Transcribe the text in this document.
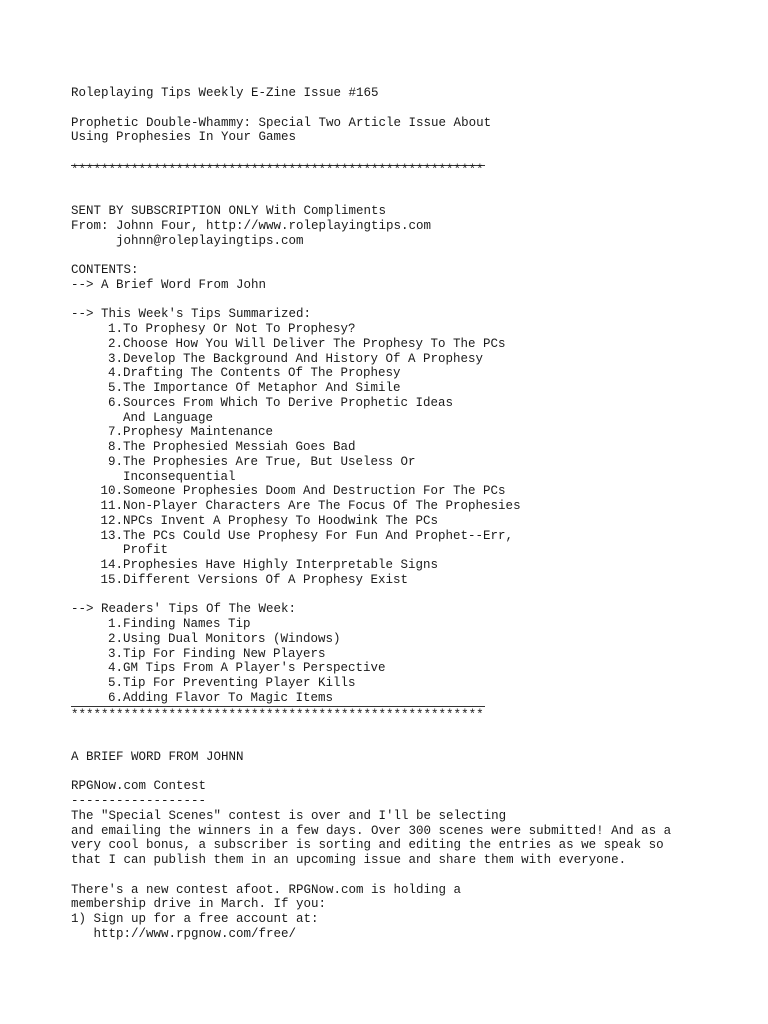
Roleplaying Tips Weekly E-Zine Issue #165
Prophetic Double-Whammy: Special Two Article Issue About
Using Prophesies In Your Games
*******************************************************
SENT BY SUBSCRIPTION ONLY With Compliments
From: Johnn Four, http://www.roleplayingtips.com
johnn@roleplayingtips.com
CONTENTS:
--> A Brief Word From John
--> This Week's Tips Summarized:
1. To Prophesy Or Not To Prophesy?
2. Choose How You Will Deliver The Prophesy To The PCs
3. Develop The Background And History Of A Prophesy
4. Drafting The Contents Of The Prophesy
5. The Importance Of Metaphor And Simile
6. Sources From Which To Derive Prophetic Ideas
And Language
7. Prophesy Maintenance
8. The Prophesied Messiah Goes Bad
9. The Prophesies Are True, But Useless Or
Inconsequential
10. Someone Prophesies Doom And Destruction For The PCs
11. Non-Player Characters Are The Focus Of The Prophesies
12. NPCs Invent A Prophesy To Hoodwink The PCs
13. The PCs Could Use Prophesy For Fun And Prophet--Err,
Profit
14. Prophesies Have Highly Interpretable Signs
15. Different Versions Of A Prophesy Exist
--> Readers' Tips Of The Week:
1. Finding Names Tip
2. Using Dual Monitors (Windows)
3. Tip For Finding New Players
4. GM Tips From A Player's Perspective
5. Tip For Preventing Player Kills
6. Adding Flavor To Magic Items
*******************************************************
A BRIEF WORD FROM JOHNN
RPGNow.com Contest
------------------
The "Special Scenes" contest is over and I'll be selecting
and emailing the winners in a few days. Over 300 scenes were submitted! And as a
very cool bonus, a subscriber is sorting and editing the entries as we speak so
that I can publish them in an upcoming issue and share them with everyone.
There's a new contest afoot. RPGNow.com is holding a
membership drive in March. If you:
1) Sign up for a free account at:
http://www.rpgnow.com/free/
